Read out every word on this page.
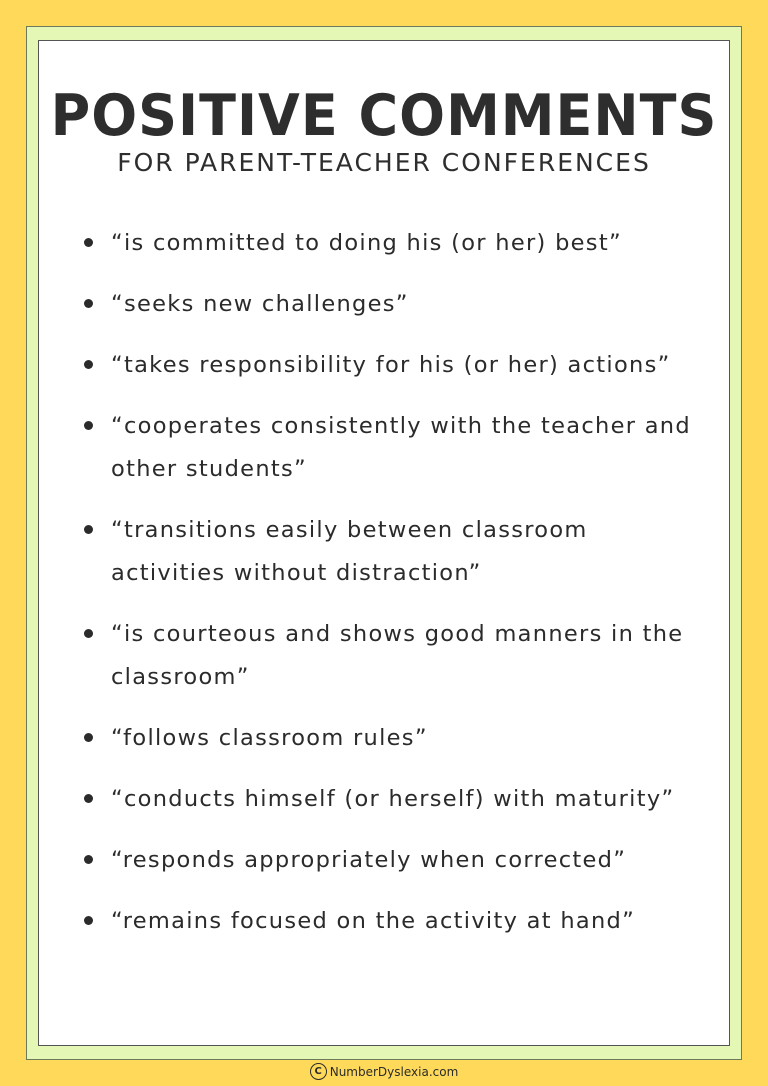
POSITIVE COMMENTS
FOR PARENT-TEACHER CONFERENCES
“is committed to doing his (or her) best”
“seeks new challenges”
“takes responsibility for his (or her) actions”
“cooperates consistently with the teacher and other students”
“transitions easily between classroom activities without distraction”
“is courteous and shows good manners in the classroom”
“follows classroom rules”
“conducts himself (or herself) with maturity”
“responds appropriately when corrected”
“remains focused on the activity at hand”
C NumberDyslexia.com
